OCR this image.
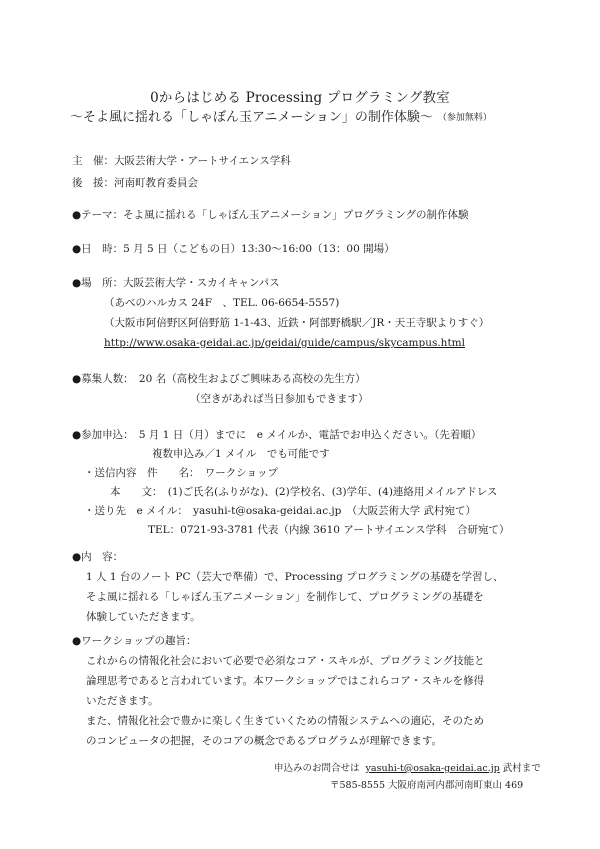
0からはじめる Processing プログラミング教室
〜そよ風に揺れる「しゃぼん玉アニメーション」の制作体験〜 （参加無料）
主　催：大阪芸術大学・アートサイエンス学科
後　援：河南町教育委員会
●テーマ：そよ風に揺れる「しゃぼん玉アニメーション」プログラミングの制作体験
●日　時：5 月 5 日（こどもの日）13:30〜16:00（13：00 開場）
●場　所：大阪芸術大学・スカイキャンパス
（あべのハルカス 24F　、TEL. 06-6654-5557)
（大阪市阿倍野区阿倍野筋 1-1-43、近鉄・阿部野橋駅／JR・天王寺駅よりすぐ）
http://www.osaka-geidai.ac.jp/geidai/guide/campus/skycampus.html
●募集人数：　20 名（高校生およびご興味ある高校の先生方）
（空きがあれば当日参加もできます）
●参加申込：　5 月 1 日（月）までに　e メイルか、電話でお申込ください。（先着順）
複数申込み／1 メイル　でも可能です
・送信内容　件　　名：　ワークショップ
本　　文：　(1)ご氏名(ふりがな)、(2)学校名、(3)学年、(4)連絡用メイルアドレス
・送り先　e メイル：　yasuhi-t@osaka-geidai.ac.jp　（大阪芸術大学 武村宛て）
TEL：0721-93-3781 代表（内線 3610 アートサイエンス学科　合研宛て）
●内　容：
1 人 1 台のノート PC（芸大で準備）で、Processing プログラミングの基礎を学習し、
そよ風に揺れる「しゃぼん玉アニメーション」を制作して、プログラミングの基礎を
体験していただきます。
●ワークショップの趣旨：
これからの情報化社会において必要で必須なコア・スキルが、プログラミング技能と
論理思考であると言われています。本ワークショップではこれらコア・スキルを修得
いただきます。
また、情報化社会で豊かに楽しく生きていくための情報システムへの適応，そのため
のコンピュータの把握，そのコアの概念であるプログラムが理解できます。
申込みのお問合せは yasuhi-t@osaka-geidai.ac.jp 武村まで
〒585-8555 大阪府南河内郡河南町東山 469
